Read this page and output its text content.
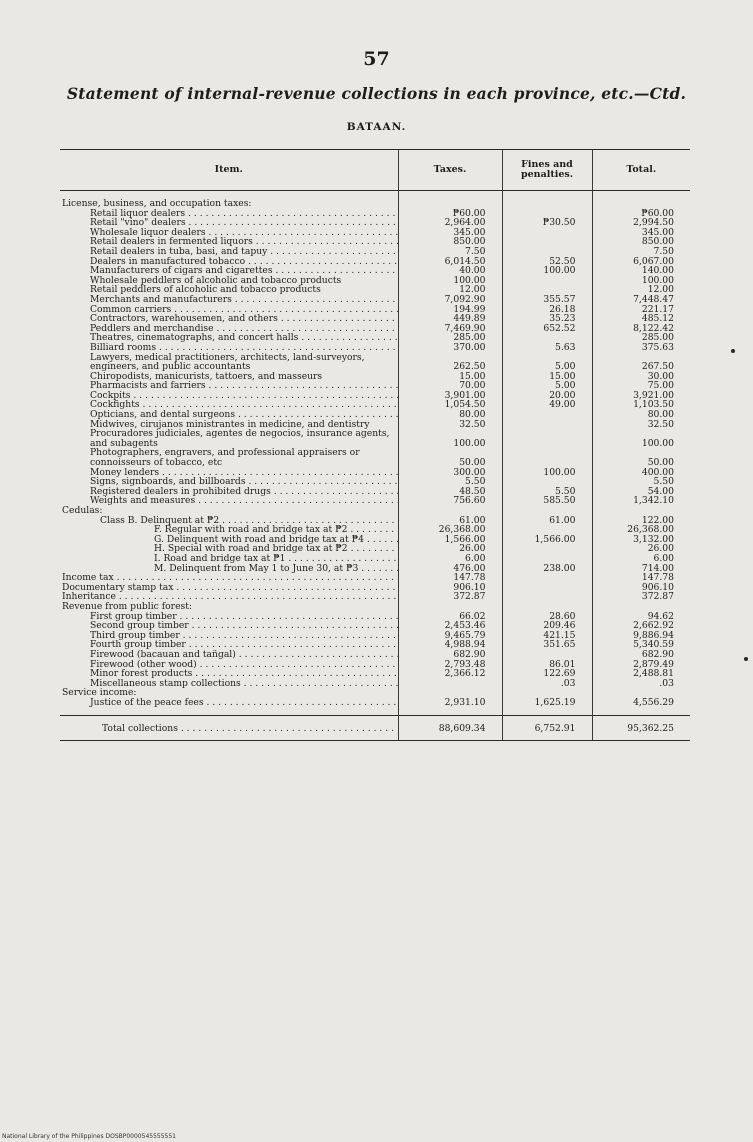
57
Statement of internal-revenue collections in each province, etc.—Ctd.
BATAAN.
Item.	Taxes.	Fines and penalties.	Total.

License, business, and occupation taxes:			

Retail liquor dealers . . .	₱60.00		₱60.00

Retail "vino" dealers . . .	2,964.00	₱30.50	2,994.50

Wholesale liquor dealers . . .	345.00		345.00

Retail dealers in fermented liquors . . .	850.00		850.00

Retail dealers in tuba, basi, and tapuy . . .	7.50		7.50

Dealers in manufactured tobacco . . .	6,014.50	52.50	6,067.00

Manufacturers of cigars and cigarettes . . .	40.00	100.00	140.00

Wholesale peddlers of alcoholic and tobacco products	100.00		100.00

Retail peddlers of alcoholic and tobacco products	12.00		12.00

Merchants and manufacturers . . .	7,092.90	355.57	7,448.47

Common carriers . . .	194.99	26.18	221.17

Contractors, warehousemen, and others . . .	449.89	35.23	485.12

Peddlers and merchandise . . .	7,469.90	652.52	8,122.42

Theatres, cinematographs, and concert halls . . .	285.00		285.00

Billiard rooms . . .	370.00	5.63	375.63

Lawyers, medical practitioners, architects, land-surveyors, engineers, and public accountants	262.50	5.00	267.50

Chiropodists, manicurists, tattoers, and masseurs	15.00	15.00	30.00

Pharmacists and farriers . . .	70.00	5.00	75.00

Cockpits . . .	3,901.00	20.00	3,921.00

Cockfights . . .	1,054.50	49.00	1,103.50

Opticians, and dental surgeons . . .	80.00		80.00

Midwives, cirujanos ministrantes in medicine, and dentistry	32.50		32.50

Procuradores judiciales, agentes de negocios, insurance agents, and subagents	100.00		100.00

Photographers, engravers, and professional appraisers or connoisseurs of tobacco, etc	50.00		50.00

Money lenders . . .	300.00	100.00	400.00

Signs, signboards, and billboards . . .	5.50		5.50

Registered dealers in prohibited drugs . . .	48.50	5.50	54.00

Weights and measures . . .	756.60	585.50	1,342.10

Cedulas:			

Class B. Delinquent at ₱2 . . .	61.00	61.00	122.00

F. Regular with road and bridge tax at ₱2 . . .	26,368.00		26,368.00

G. Delinquent with road and bridge tax at ₱4 . . .	1,566.00	1,566.00	3,132.00

H. Special with road and bridge tax at ₱2 . . .	26.00		26.00

I. Road and bridge tax at ₱1 . . .	6.00		6.00

M. Delinquent from May 1 to June 30, at ₱3 . . .	476.00	238.00	714.00

Income tax . . .	147.78		147.78

Documentary stamp tax . . .	906.10		906.10

Inheritance . . .	372.87		372.87

Revenue from public forest:			

First group timber . . .	66.02	28.60	94.62

Second group timber . . .	2,453.46	209.46	2,662.92

Third group timber . . .	9,465.79	421.15	9,886.94

Fourth group timber . . .	4,988.94	351.65	5,340.59

Firewood (bacauan and tañgal) . . .	682.90		682.90

Firewood (other wood) . . .	2,793.48	86.01	2,879.49

Minor forest products . . .	2,366.12	122.69	2,488.81

Miscellaneous stamp collections . . .		.03	.03

Service income:			

Justice of the peace fees . . .	2,931.10	1,625.19	4,556.29

Total collections . . .	88,609.34	6,752.91	95,362.25
National Library of the Philippines DOSBP0000545555551
